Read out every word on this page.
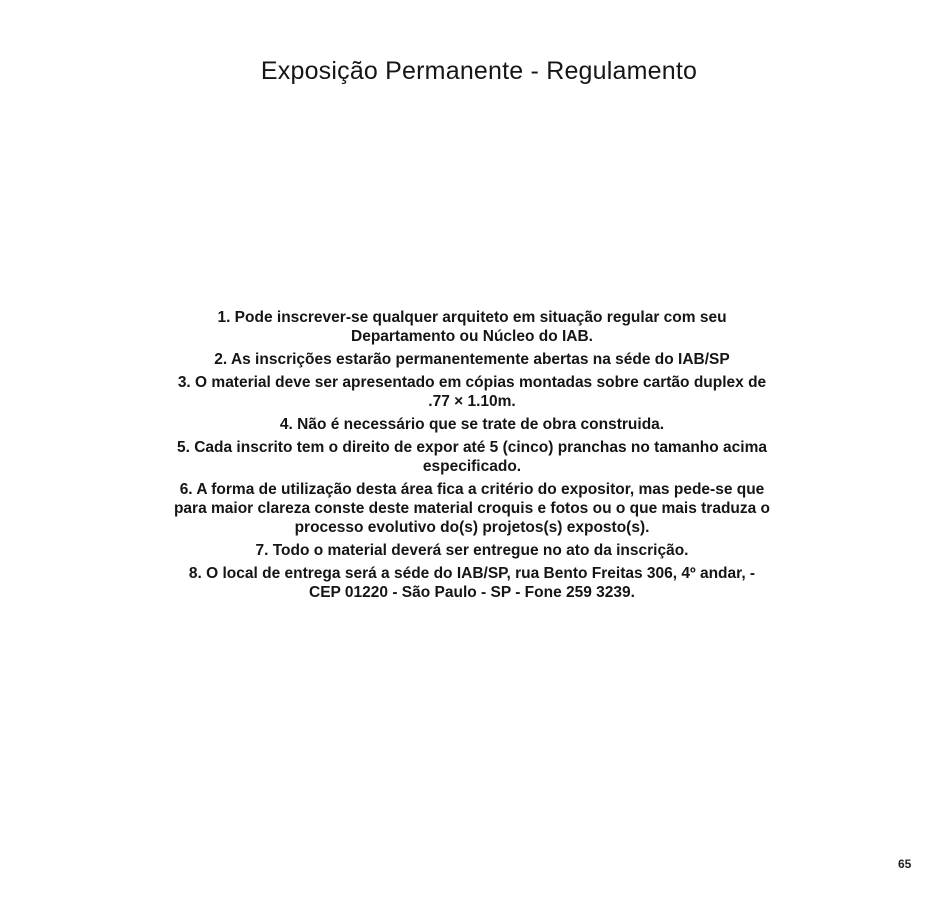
Exposição Permanente - Regulamento
1. Pode inscrever-se qualquer arquiteto em situação regular com seu
Departamento ou Núcleo do IAB.
2. As inscrições estarão permanentemente abertas na séde do IAB/SP
3. O material deve ser apresentado em cópias montadas sobre cartão duplex de
.77 × 1.10m.
4. Não é necessário que se trate de obra construida.
5. Cada inscrito tem o direito de expor até 5 (cinco) pranchas no tamanho acima
especificado.
6. A forma de utilização desta área fica a critério do expositor, mas pede-se que
para maior clareza conste deste material croquis e fotos ou o que mais traduza o
processo evolutivo do(s) projetos(s) exposto(s).
7. Todo o material deverá ser entregue no ato da inscrição.
8. O local de entrega será a séde do IAB/SP, rua Bento Freitas 306, 4º andar, -
CEP 01220 - São Paulo - SP - Fone 259 3239.
65
